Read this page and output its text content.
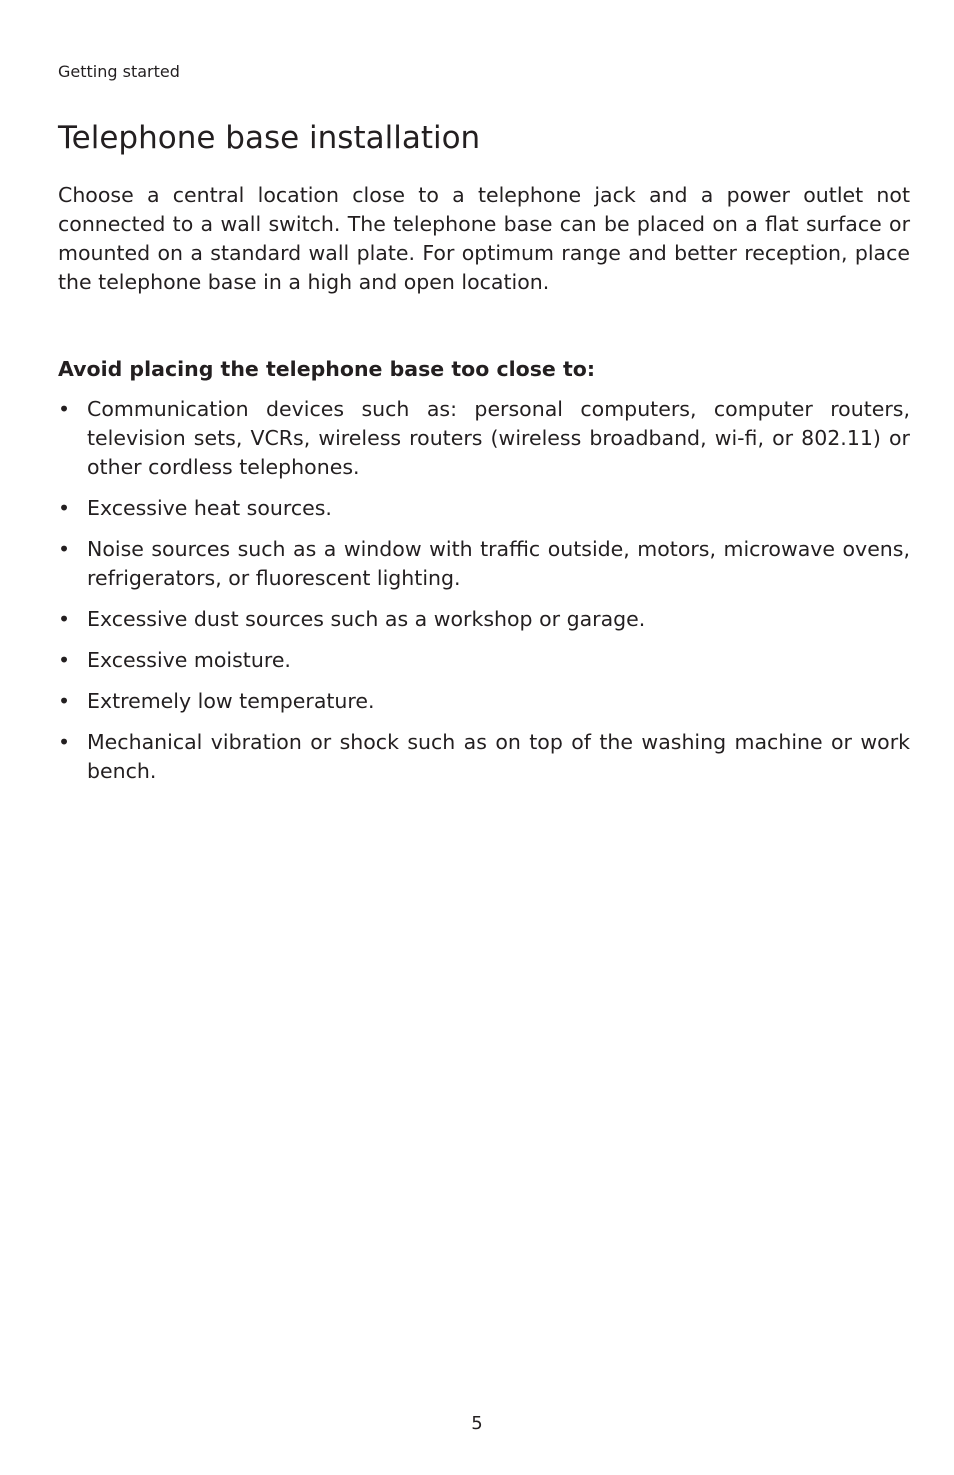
Getting started
Telephone base installation

Choose a central location close to a telephone jack and a power outlet not connected to a wall switch. The telephone base can be placed on a flat surface or mounted on a standard wall plate. For optimum range and better reception, place the telephone base in a high and open location.

Avoid placing the telephone base too close to:

• Communication devices such as: personal computers, computer routers, television sets, VCRs, wireless routers (wireless broadband, wi-fi, or 802.11) or other cordless telephones.
• Excessive heat sources.
• Noise sources such as a window with traffic outside, motors, microwave ovens, refrigerators, or fluorescent lighting.
• Excessive dust sources such as a workshop or garage.
• Excessive moisture.
• Extremely low temperature.
• Mechanical vibration or shock such as on top of the washing machine or work bench.
5
